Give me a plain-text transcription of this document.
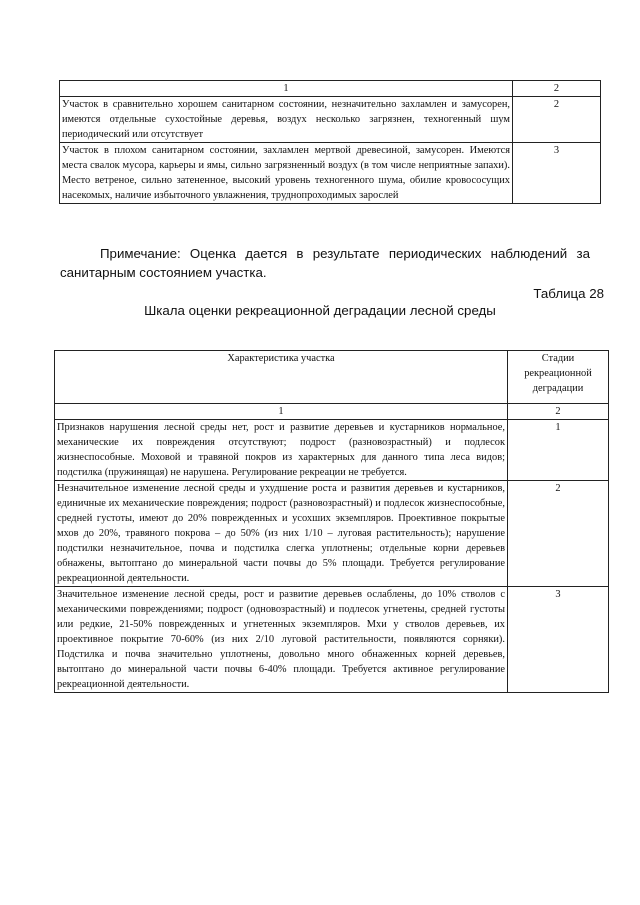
1	2
Участок в сравнительно хорошем санитарном состоянии, незначительно захламлен и замусорен, имеются отдельные сухостойные деревья, воздух несколько загрязнен, техногенный шум периодический или отсутствует	2
Участок в плохом санитарном состоянии, захламлен мертвой древесиной, замусорен. Имеются места свалок мусора, карьеры и ямы, сильно загрязненный воздух (в том числе неприятные запахи). Место ветреное, сильно затененное, высокий уровень техногенного шума, обилие кровососущих насекомых, наличие избыточного увлажнения, труднопроходимых зарослей	3

Примечание: Оценка дается в результате периодических наблюдений за санитарным состоянием участка.

Таблица 28
Шкала оценки рекреационной деградации лесной среды
Характеристика участка	Стадии рекреационной деградации
1	2
Признаков нарушения лесной среды нет, рост и развитие деревьев и кустарников нормальное, механические их повреждения отсутствуют; подрост (разновозрастный) и подлесок жизнеспособные. Моховой и травяной покров из характерных для данного типа леса видов; подстилка (пружинящая) не нарушена. Регулирование рекреации не требуется.	1
Незначительное изменение лесной среды и ухудшение роста и развития деревьев и кустарников, единичные их механические повреждения; подрост (разновозрастный) и подлесок жизнеспособные, средней густоты, имеют до 20% поврежденных и усохших экземпляров. Проективное покрытые мхов до 20%, травяного покрова – до 50% (из них 1/10 – луговая растительность); нарушение подстилки незначительное, почва и подстилка слегка уплотнены; отдельные корни деревьев обнажены, вытоптано до минеральной части почвы до 5% площади. Требуется регулирование рекреационной деятельности.	2
Значительное изменение лесной среды, рост и развитие деревьев ослаблены, до 10% стволов с механическими повреждениями; подрост (одновозрастный) и подлесок угнетены, средней густоты или редкие, 21-50% поврежденных и угнетенных экземпляров. Мхи у стволов деревьев, их проективное покрытие 70-60% (из них 2/10 луговой растительности, появляются сорняки). Подстилка и почва значительно уплотнены, довольно много обнаженных корней деревьев, вытоптано до минеральной части почвы 6-40% площади. Требуется активное регулирование рекреационной деятельности.	3
